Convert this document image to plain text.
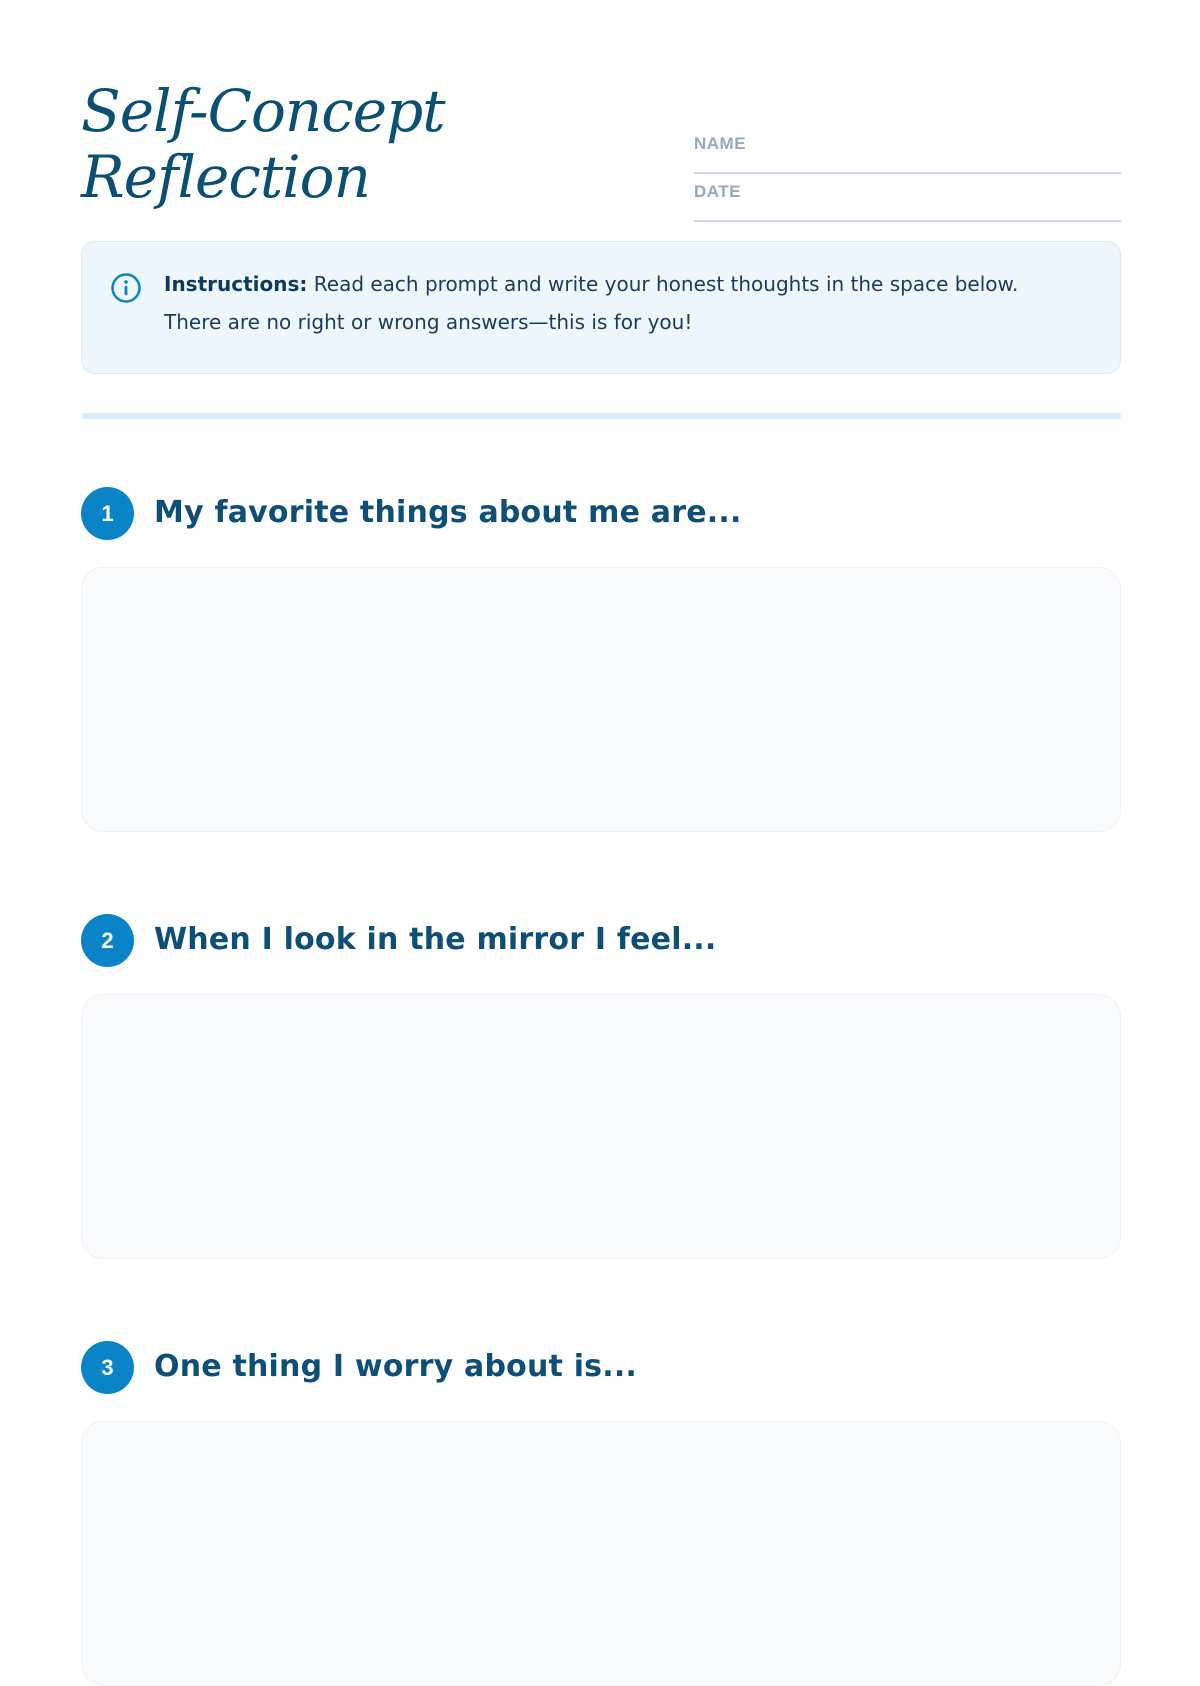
Self-Concept
Reflection	NAME
DATE
Instructions: Read each prompt and write your honest thoughts in the space below. There are no right or wrong answers—this is for you!
1	My favorite things about me are...
2	When I look in the mirror I feel...
3	One thing I worry about is...
